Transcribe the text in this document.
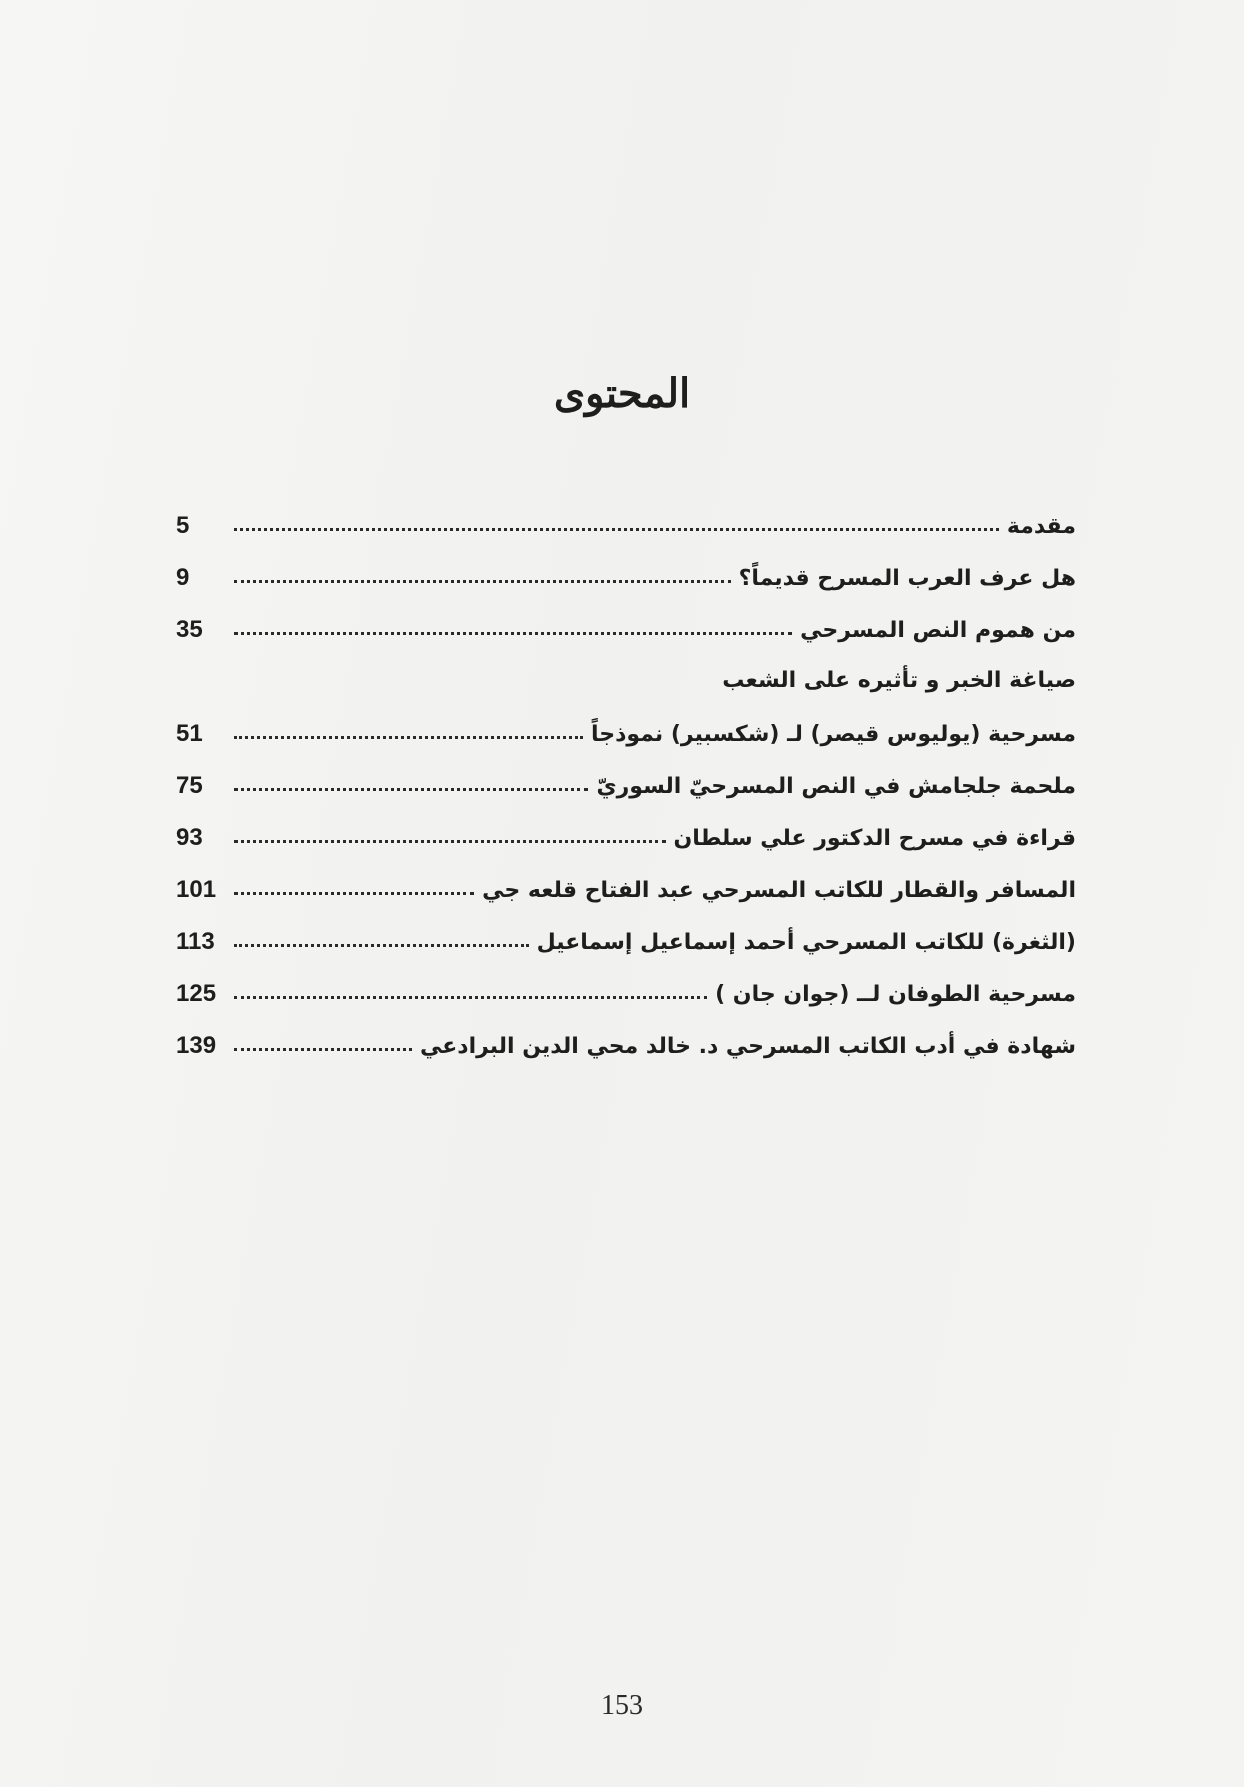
المحتوى
مقدمة
5
هل عرف العرب المسرح قديماً؟
9
من هموم النص المسرحي
35
صياغة الخبر و تأثيره على الشعب
مسرحية (يوليوس قيصر) لـ (شكسبير) نموذجاً
51
ملحمة جلجامش في النص المسرحيّ السوريّ
75
قراءة في مسرح الدكتور علي سلطان
93
المسافر والقطار للكاتب المسرحي عبد الفتاح قلعه جي
101
(الثغرة) للكاتب المسرحي أحمد إسماعيل إسماعيل
113
مسرحية الطوفان لــ (جوان جان )
125
شهادة في أدب الكاتب المسرحي د. خالد محي الدين البرادعي
139
153
